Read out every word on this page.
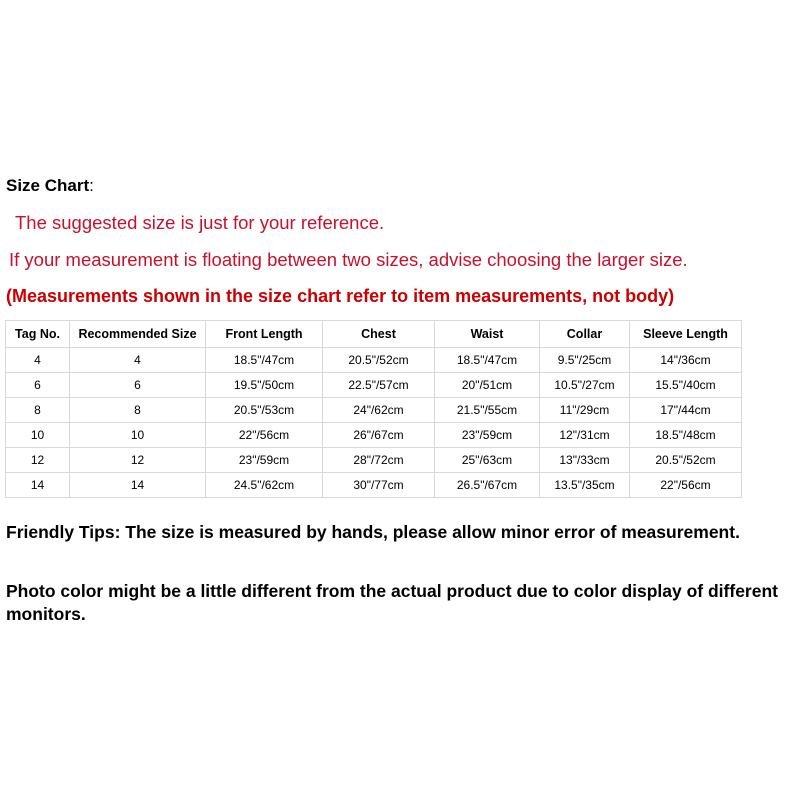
Size Chart:
The suggested size is just for your reference.
If your measurement is floating between two sizes, advise choosing the larger size.
(Measurements shown in the size chart refer to item measurements, not body)
Tag No.	Recommended Size	Front Length	Chest	Waist	Collar	Sleeve Length
4	4	18.5"/47cm	20.5"/52cm	18.5"/47cm	9.5"/25cm	14"/36cm
6	6	19.5"/50cm	22.5"/57cm	20"/51cm	10.5"/27cm	15.5"/40cm
8	8	20.5"/53cm	24"/62cm	21.5"/55cm	11"/29cm	17"/44cm
10	10	22"/56cm	26"/67cm	23"/59cm	12"/31cm	18.5"/48cm
12	12	23"/59cm	28"/72cm	25"/63cm	13"/33cm	20.5"/52cm
14	14	24.5"/62cm	30"/77cm	26.5"/67cm	13.5"/35cm	22"/56cm
Friendly Tips: The size is measured by hands, please allow minor error of measurement.
Photo color might be a little different from the actual product due to color display of different monitors.
